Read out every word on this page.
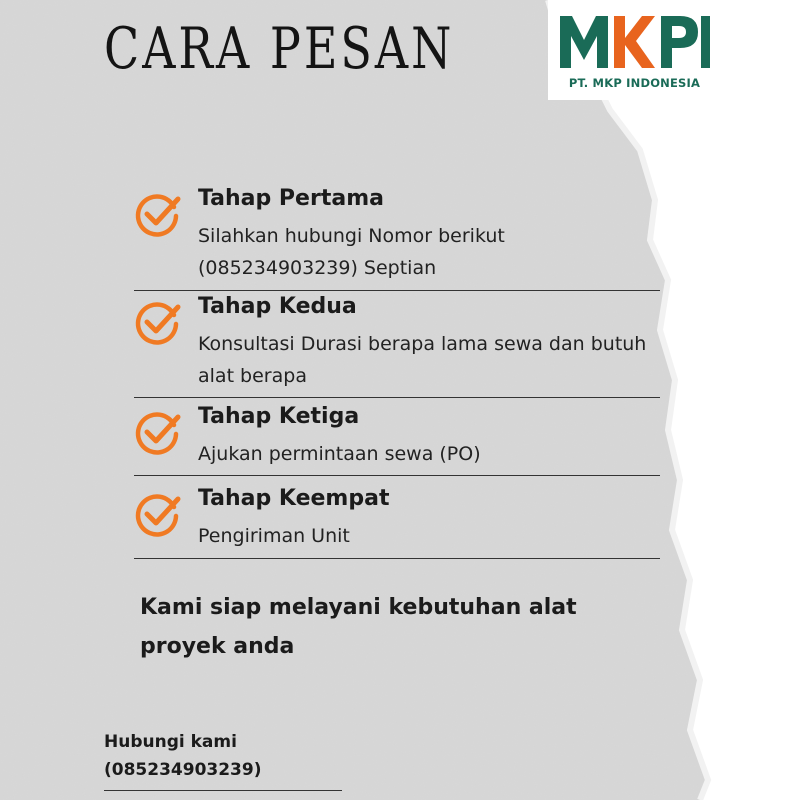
CARA PESAN
PT. MKP INDONESIA
Tahap Pertama
Silahkan hubungi Nomor berikut (085234903239) Septian
Tahap Kedua
Konsultasi Durasi berapa lama sewa dan butuh alat berapa
Tahap Ketiga
Ajukan permintaan sewa (PO)
Tahap Keempat
Pengiriman Unit
Kami siap melayani kebutuhan alat proyek anda
Hubungi kami
(085234903239)
